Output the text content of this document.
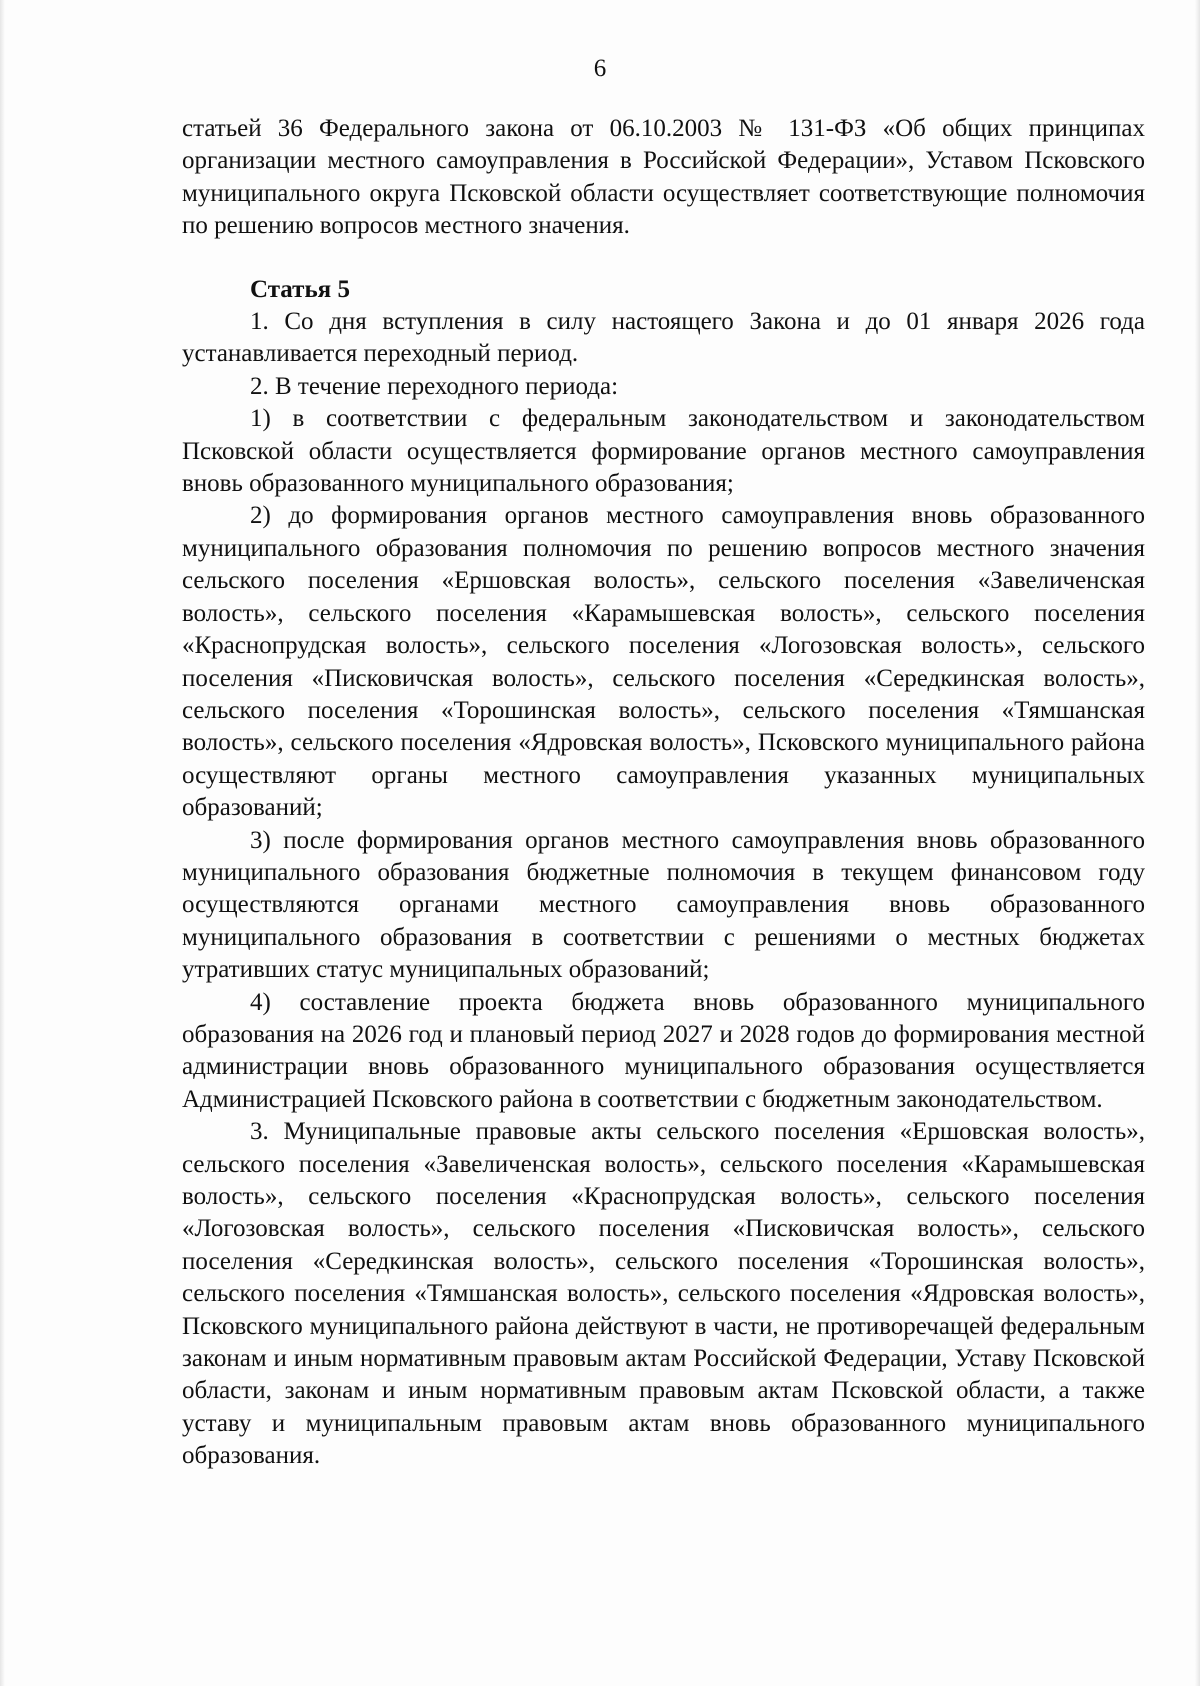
6

статьей 36 Федерального закона от 06.10.2003 № 131-ФЗ «Об общих принципах организации местного самоуправления в Российской Федерации», Уставом Псковского муниципального округа Псковской области осуществляет соответствующие полномочия по решению вопросов местного значения.

Статья 5

1. Со дня вступления в силу настоящего Закона и до 01 января 2026 года устанавливается переходный период.

2. В течение переходного периода:

1) в соответствии с федеральным законодательством и законодательством Псковской области осуществляется формирование органов местного самоуправления вновь образованного муниципального образования;

2) до формирования органов местного самоуправления вновь образованного муниципального образования полномочия по решению вопросов местного значения сельского поселения «Ершовская волость», сельского поселения «Завеличенская волость», сельского поселения «Карамышевская волость», сельского поселения «Краснопрудская волость», сельского поселения «Логозовская волость», сельского поселения «Писковичская волость», сельского поселения «Середкинская волость», сельского поселения «Торошинская волость», сельского поселения «Тямшанская волость», сельского поселения «Ядровская волость», Псковского муниципального района осуществляют органы местного самоуправления указанных муниципальных образований;

3) после формирования органов местного самоуправления вновь образованного муниципального образования бюджетные полномочия в текущем финансовом году осуществляются органами местного самоуправления вновь образованного муниципального образования в соответствии с решениями о местных бюджетах утративших статус муниципальных образований;

4) составление проекта бюджета вновь образованного муниципального образования на 2026 год и плановый период 2027 и 2028 годов до формирования местной администрации вновь образованного муниципального образования осуществляется Администрацией Псковского района в соответствии с бюджетным законодательством.

3. Муниципальные правовые акты сельского поселения «Ершовская волость», сельского поселения «Завеличенская волость», сельского поселения «Карамышевская волость», сельского поселения «Краснопрудская волость», сельского поселения «Логозовская волость», сельского поселения «Писковичская волость», сельского поселения «Середкинская волость», сельского поселения «Торошинская волость», сельского поселения «Тямшанская волость», сельского поселения «Ядровская волость», Псковского муниципального района действуют в части, не противоречащей федеральным законам и иным нормативным правовым актам Российской Федерации, Уставу Псковской области, законам и иным нормативным правовым актам Псковской области, а также уставу и муниципальным правовым актам вновь образованного муниципального образования.
